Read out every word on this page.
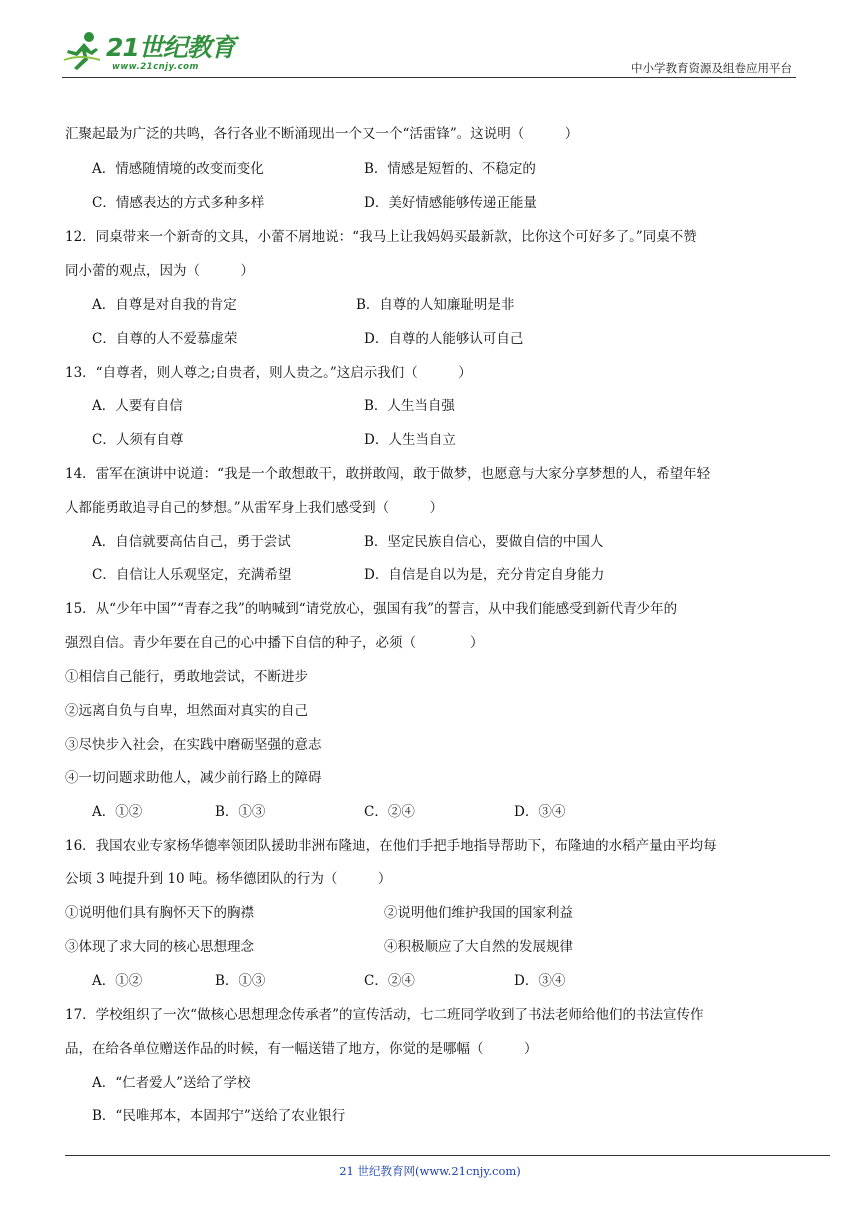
21世纪教育
www.21cnjy.com	中小学教育资源及组卷应用平台
汇聚起最为广泛的共鸣，各行各业不断涌现出一个又一个“活雷锋”。这说明（　　　）
A．情感随情境的改变而变化	B．情感是短暂的、不稳定的
C．情感表达的方式多种多样	D．美好情感能够传递正能量
12．同桌带来一个新奇的文具，小蕾不屑地说：“我马上让我妈妈买最新款，比你这个可好多了。”同桌不赞
同小蕾的观点，因为（　　　）
A．自尊是对自我的肯定	B．自尊的人知廉耻明是非
C．自尊的人不爱慕虚荣	D．自尊的人能够认可自己
13．“自尊者，则人尊之;自贵者，则人贵之。”这启示我们（　　　）
A．人要有自信	B．人生当自强
C．人须有自尊	D．人生当自立
14．雷军在演讲中说道：“我是一个敢想敢干，敢拼敢闯，敢于做梦，也愿意与大家分享梦想的人，希望年轻
人都能勇敢追寻自己的梦想。”从雷军身上我们感受到（　　　）
A．自信就要高估自己，勇于尝试	B．坚定民族自信心，要做自信的中国人
C．自信让人乐观坚定，充满希望	D．自信是自以为是，充分肯定自身能力
15．从“少年中国”“青春之我”的呐喊到“请党放心，强国有我”的誓言，从中我们能感受到新代青少年的
强烈自信。青少年要在自己的心中播下自信的种子，必须（　　　　）
①相信自己能行，勇敢地尝试，不断进步
②远离自负与自卑，坦然面对真实的自己
③尽快步入社会，在实践中磨砺坚强的意志
④一切问题求助他人，减少前行路上的障碍
A．①②	B．①③	C．②④	D．③④
16．我国农业专家杨华德率领团队援助非洲布隆迪，在他们手把手地指导帮助下，布隆迪的水稻产量由平均每
公顷 3 吨提升到 10 吨。杨华德团队的行为（　　　）
①说明他们具有胸怀天下的胸襟	②说明他们维护我国的国家利益
③体现了求大同的核心思想理念	④积极顺应了大自然的发展规律
A．①②	B．①③	C．②④	D．③④
17．学校组织了一次“做核心思想理念传承者”的宣传活动，七二班同学收到了书法老师给他们的书法宣传作
品，在给各单位赠送作品的时候，有一幅送错了地方，你觉的是哪幅（　　　）
A．“仁者爱人”送给了学校
B．“民唯邦本，本固邦宁”送给了农业银行
21 世纪教育网(www.21cnjy.com)
